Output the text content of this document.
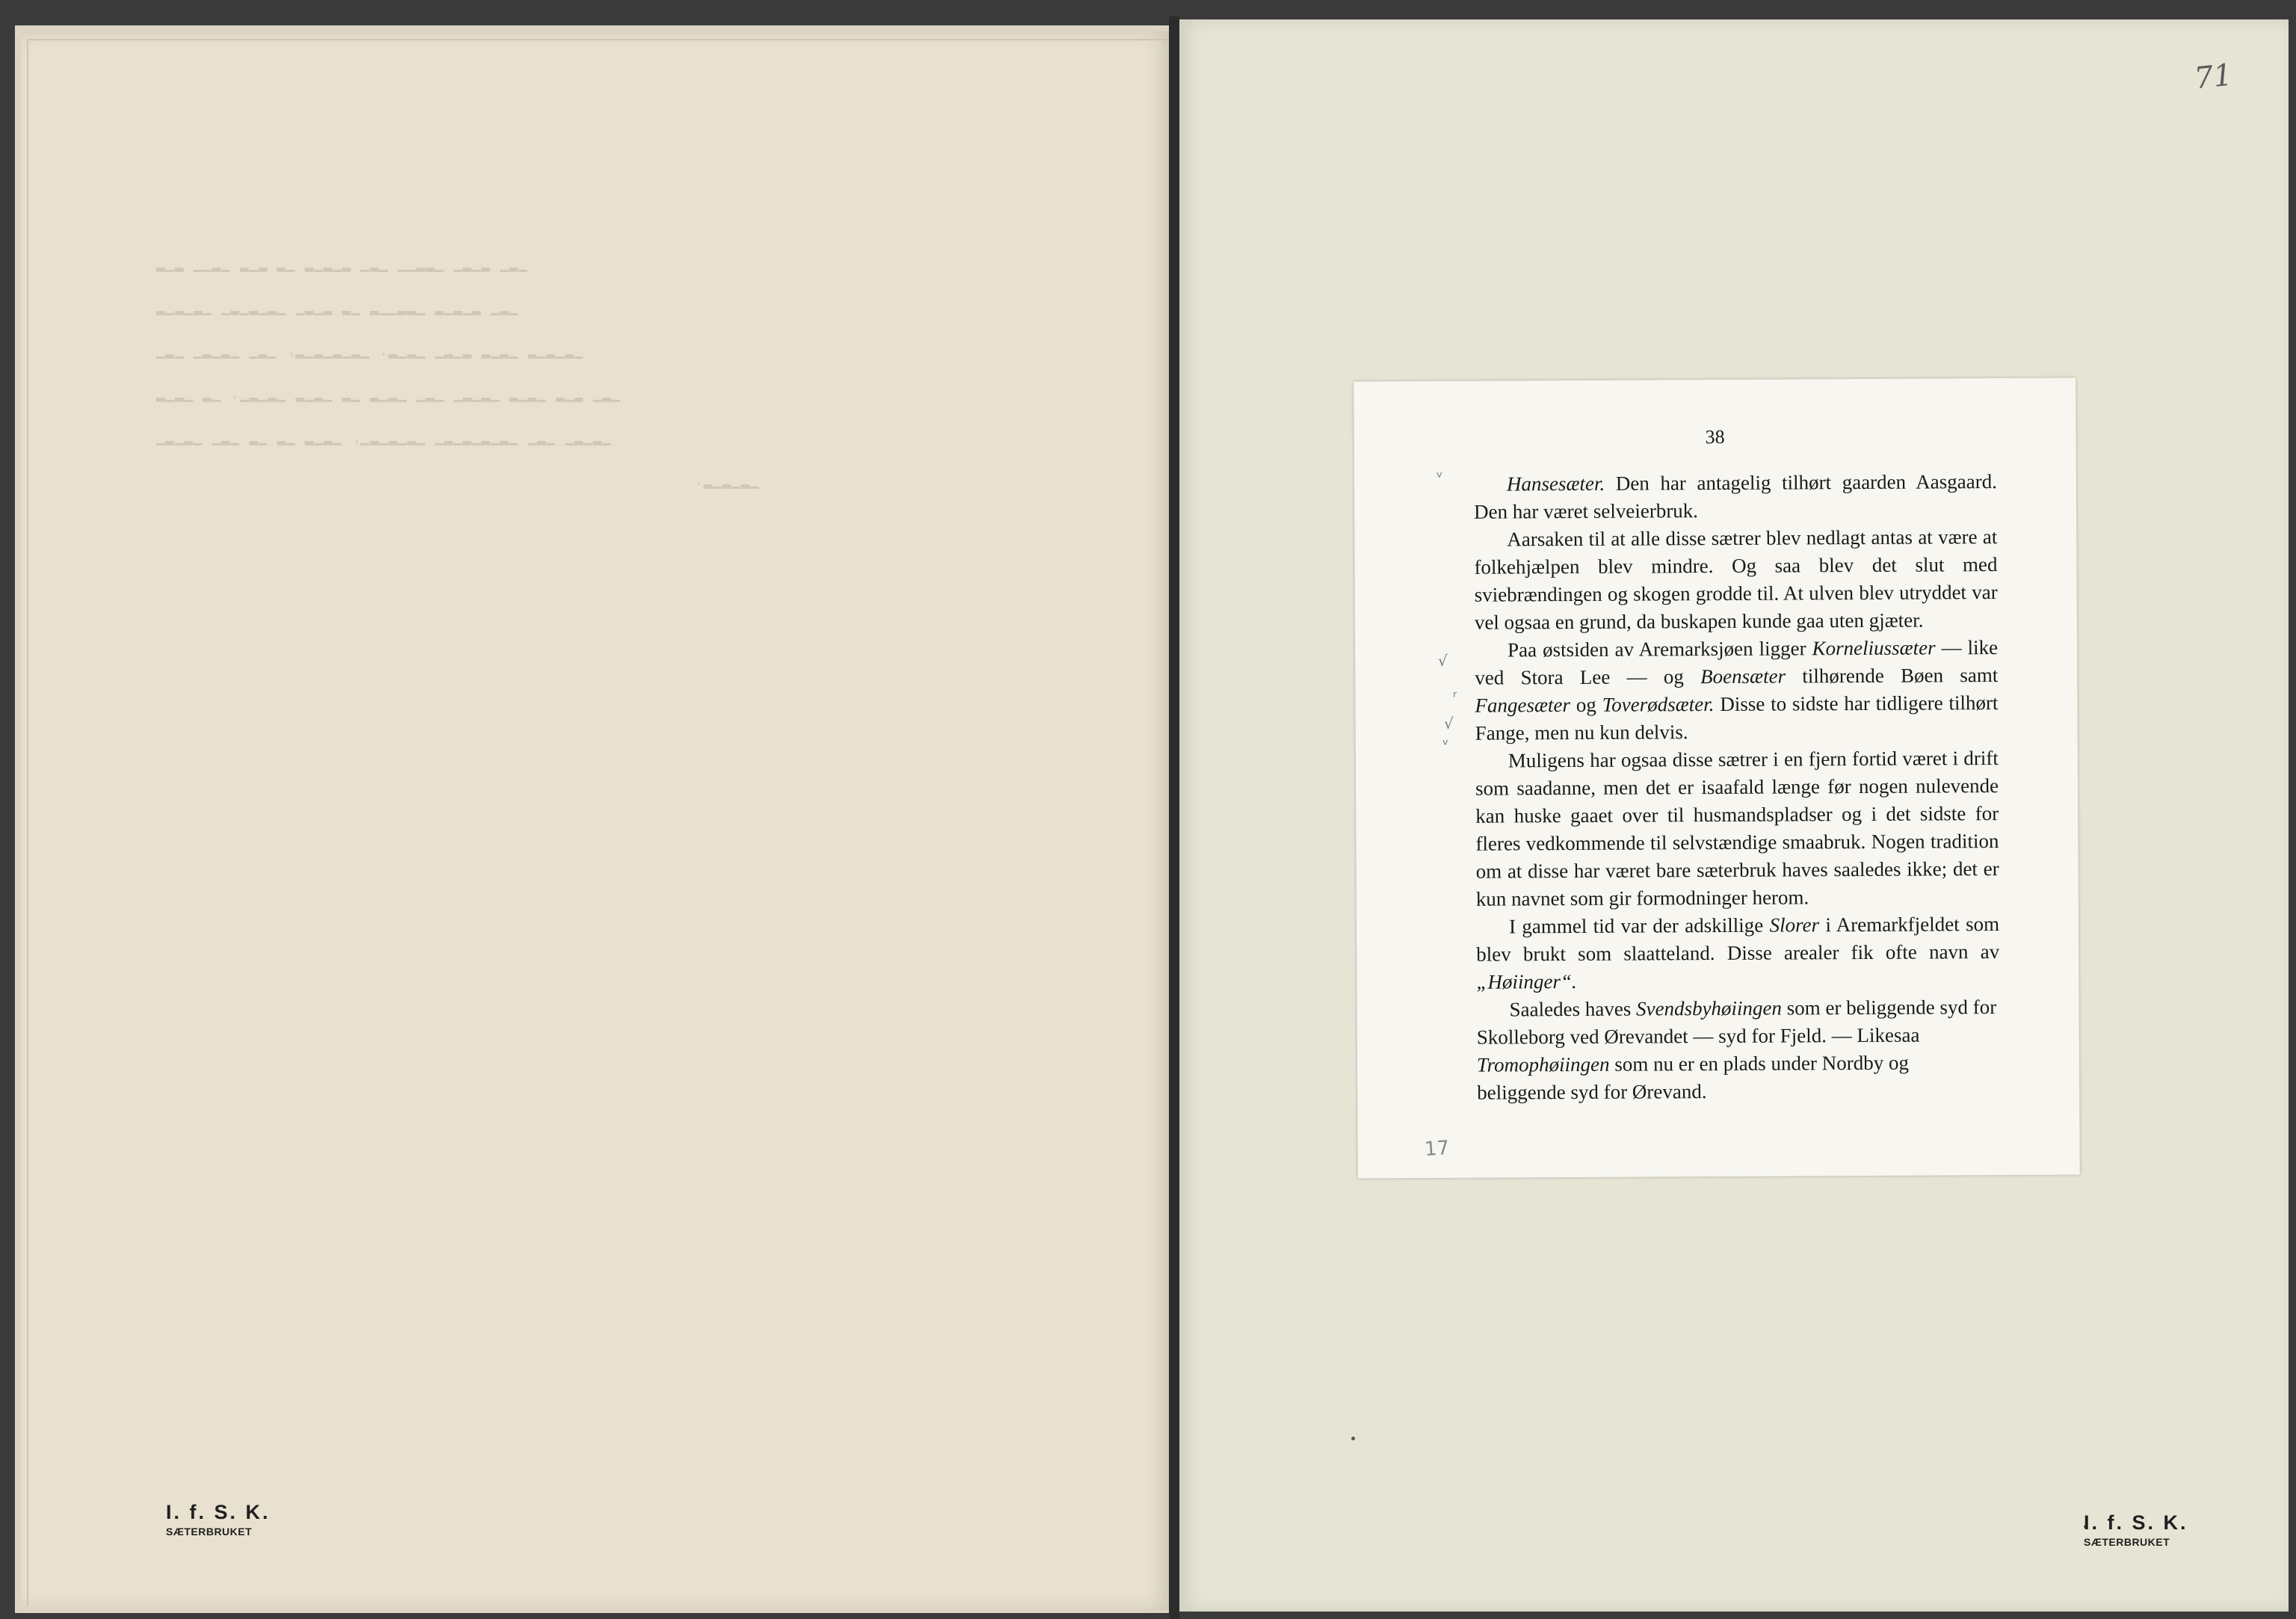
▁▂▁ ▂▁▂▁ ▁▂▂▁▁ ▁▂▁ ▂▁▂▁▂ ▁▂ ▂▁▂ ▁▂▁▁ ▂▁▂
▁▂▁ ▂▁▂▁▂ ▁▂▂▁▁▂ ▁▂ ▂▁▂▁ ▁▂▁▂▁▂▁ ▁▂▁▂▁▂
▁▂▁▂▁▂ ▁▂▁▂ ▂▁▂▁ ▁▂▁▂. ▁▂▁▂▁▂▁▂, ▁▂▁ ▁▂▁▂▁ ▁▂▁
▁▂▁ ▂▁▂ ▁▂▁▂ ▁▂▁▂▁ ▁▂▁ ▁▂▁▂ ▁▂ ▁▂▁▂ ▁▂▁▂▁. ▁▂ ▁▂▁▂
▁▂▁▂▁ ▁▂▁ ▁▂▁▂▁▂▁▂▁ ▁▂▁▂▁▂▁, ▁▂▁▂ ▁▂ ▁▂ ▁▂▁ ▁▂▁▂▁
▁▂▁▂▁▂.
I. f. S. K.
SÆTERBRUKET
71
38

Hansesæter. Den har antagelig tilhørt gaarden Aasgaard. Den har været selveierbruk.

Aarsaken til at alle disse sætrer blev nedlagt antas at være at folkehjælpen blev mindre. Og saa blev det slut med sviebrændingen og skogen grodde til. At ulven blev utryddet var vel ogsaa en grund, da buskapen kunde gaa uten gjæter.

Paa østsiden av Aremarksjøen ligger Korneliussæter — like ved Stora Lee — og Boensæter tilhørende Bøen samt Fangesæter og Toverødsæter. Disse to sidste har tidligere tilhørt Fange, men nu kun delvis.

Muligens har ogsaa disse sætrer i en fjern fortid været i drift som saadanne, men det er isaafald længe før nogen nulevende kan huske gaaet over til husmandspladser og i det sidste for fleres vedkommende til selvstændige smaabruk. Nogen tradition om at disse har været bare sæterbruk haves saaledes ikke; det er kun navnet som gir formodninger herom.

I gammel tid var der adskillige Slorer i Aremarkfjeldet som blev brukt som slaatteland. Disse arealer fik ofte navn av „Høiinger“.

Saaledes haves Svendsbyhøiingen som er beliggende syd for Skolleborg ved Ørevandet — syd for Fjeld. — Likesaa Tromophøiingen som nu er en plads under Nordby og beliggende syd for Ørevand.

ᵛ
√
ʳ
√
ᵛ
17
I. f. S. K.
SÆTERBRUKET
